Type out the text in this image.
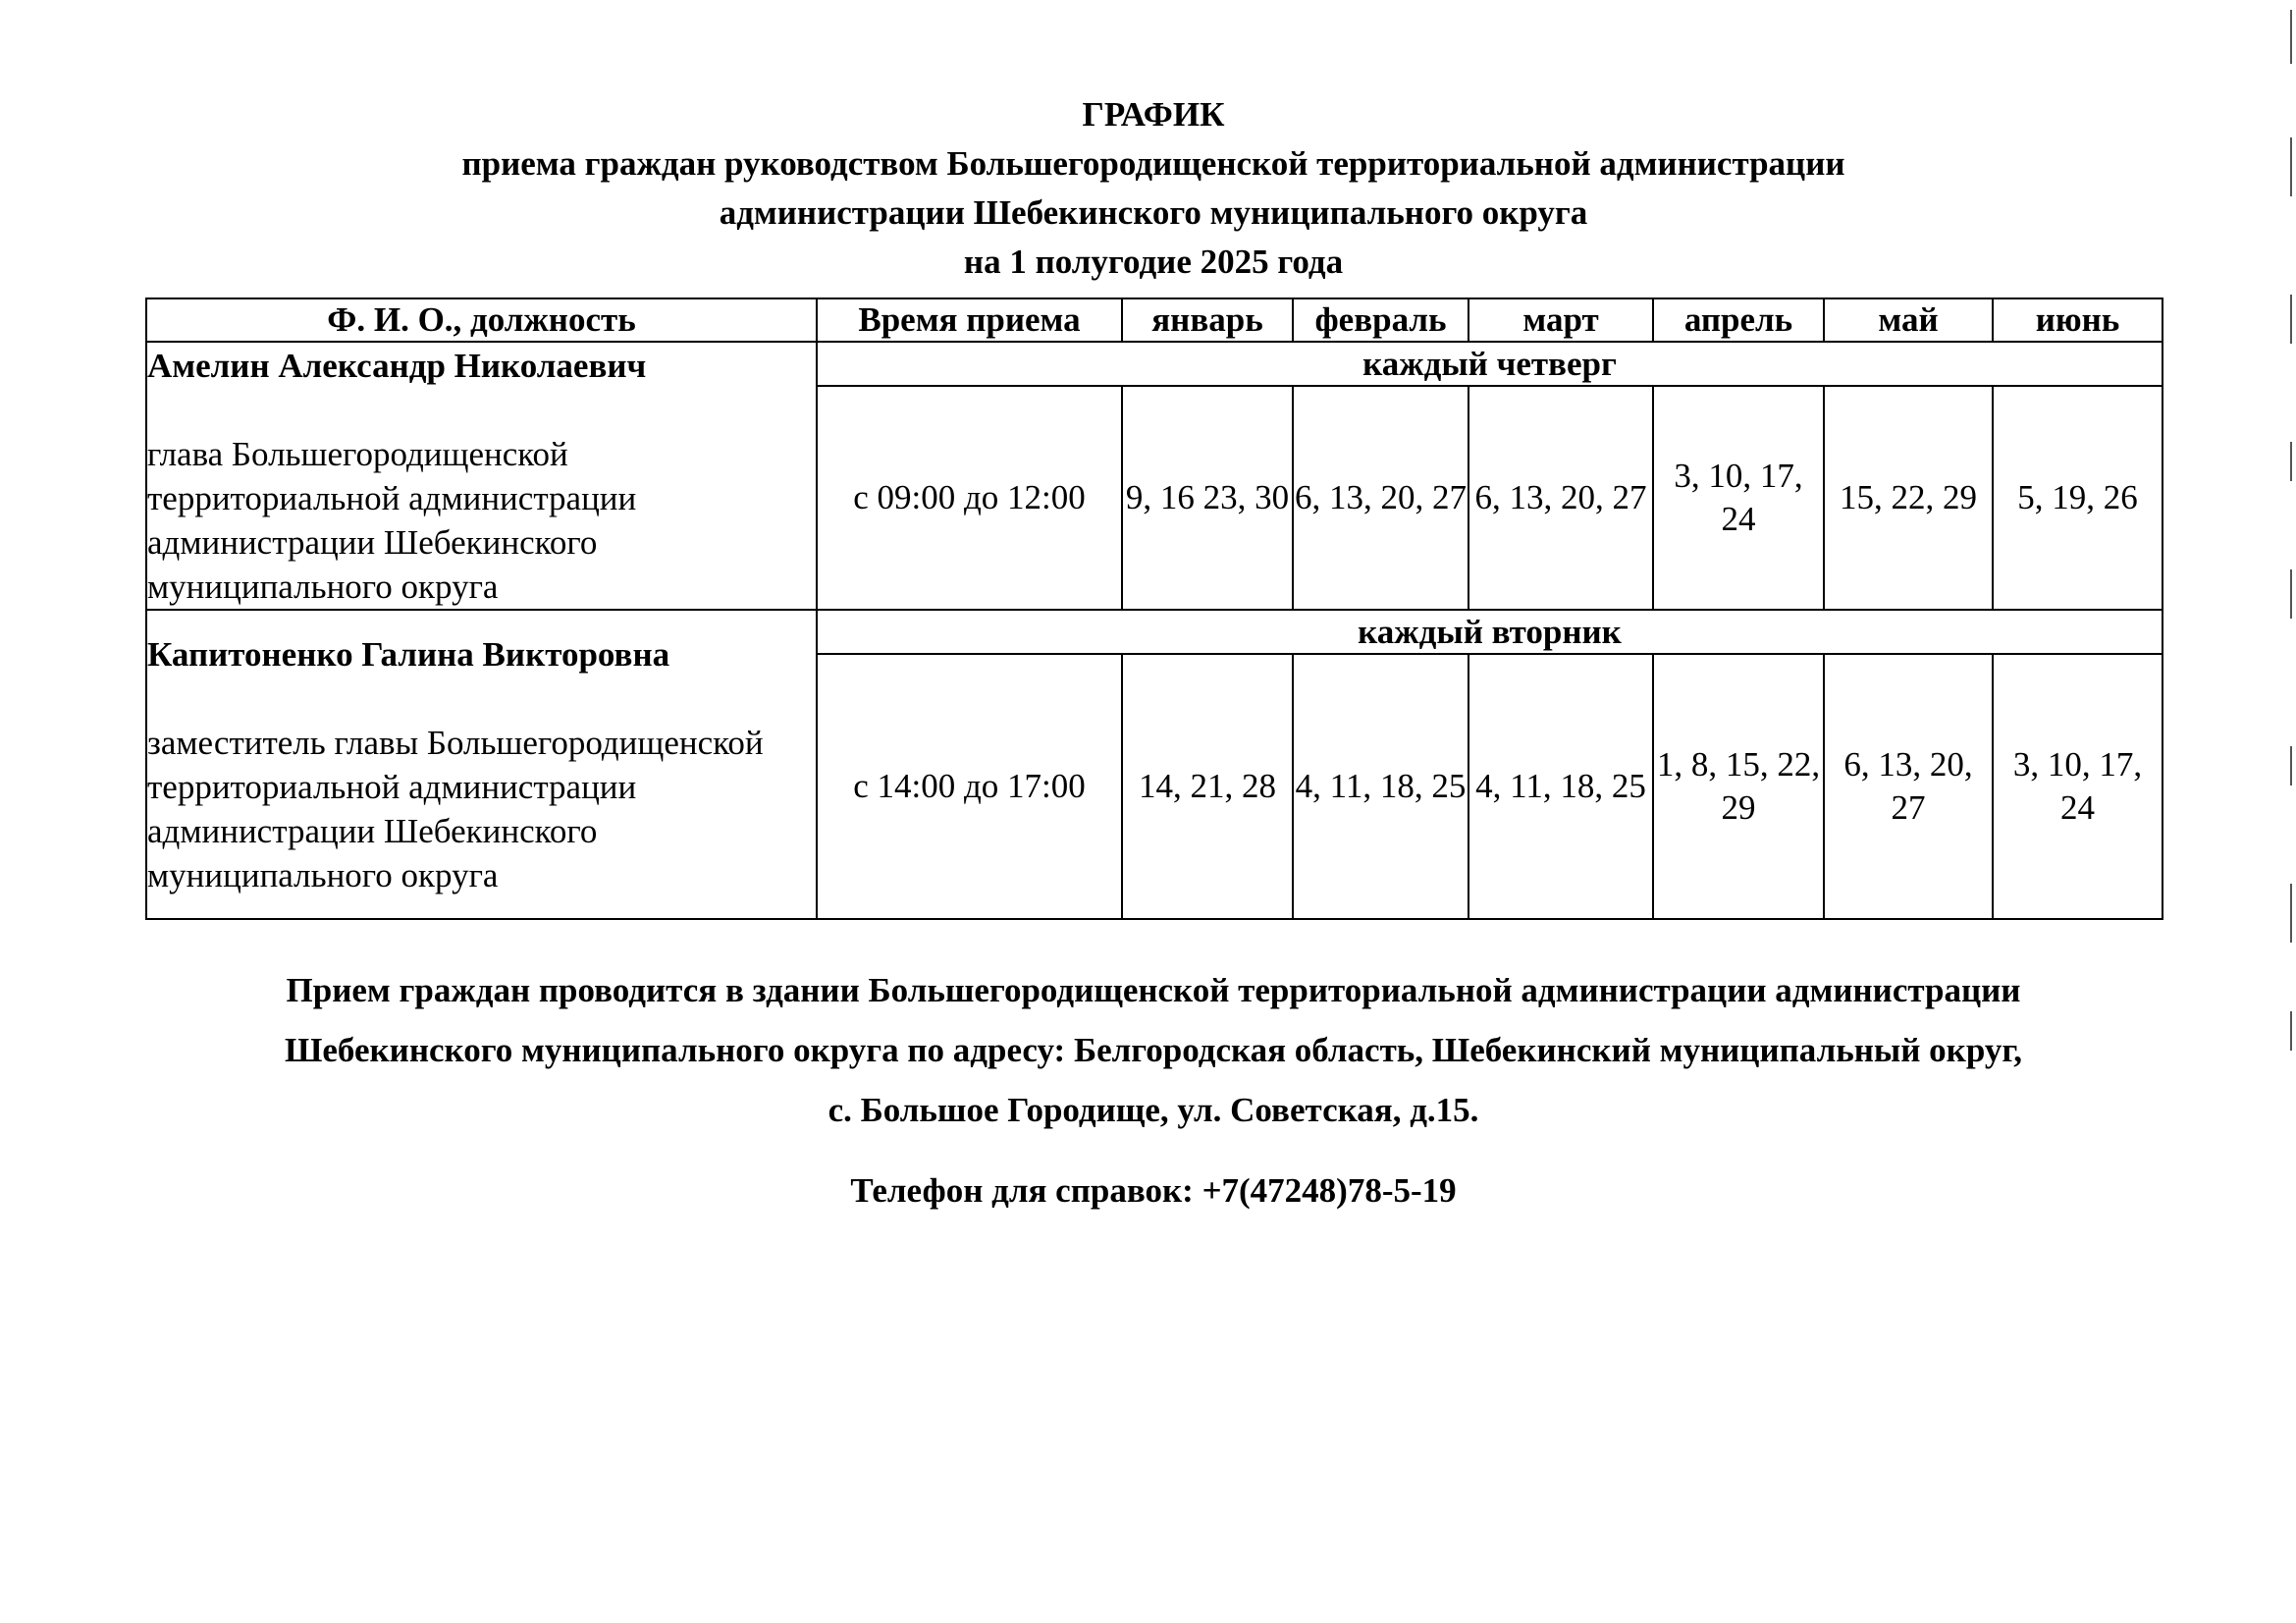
ГРАФИК
приема граждан руководством Большегородищенской территориальной администрации
администрации Шебекинского муниципального округа
на 1 полугодие 2025 года
Ф. И. О., должность	Время приема	январь	февраль	март	апрель	май	июнь

Амелин Александр Николаевич
глава Большегородищенской территориальной администрации администрации Шебекинского муниципального округа	каждый четверг						
	с 09:00 до 12:00	9, 16 23, 30	6, 13, 20, 27	6, 13, 20, 27	3, 10, 17, 24	15, 22, 29	5, 19, 26

Капитоненко Галина Викторовна
заместитель главы Большегородищенской территориальной администрации администрации Шебекинского муниципального округа	каждый вторник						
	с 14:00 до 17:00	14, 21, 28	4, 11, 18, 25	4, 11, 18, 25	1, 8, 15, 22, 29	6, 13, 20, 27	3, 10, 17, 24
Прием граждан проводится в здании Большегородищенской территориальной администрации администрации
Шебекинского муниципального округа по адресу: Белгородская область, Шебекинский муниципальный округ,
с. Большое Городище, ул. Советская, д.15.
Телефон для справок: +7(47248)78-5-19
